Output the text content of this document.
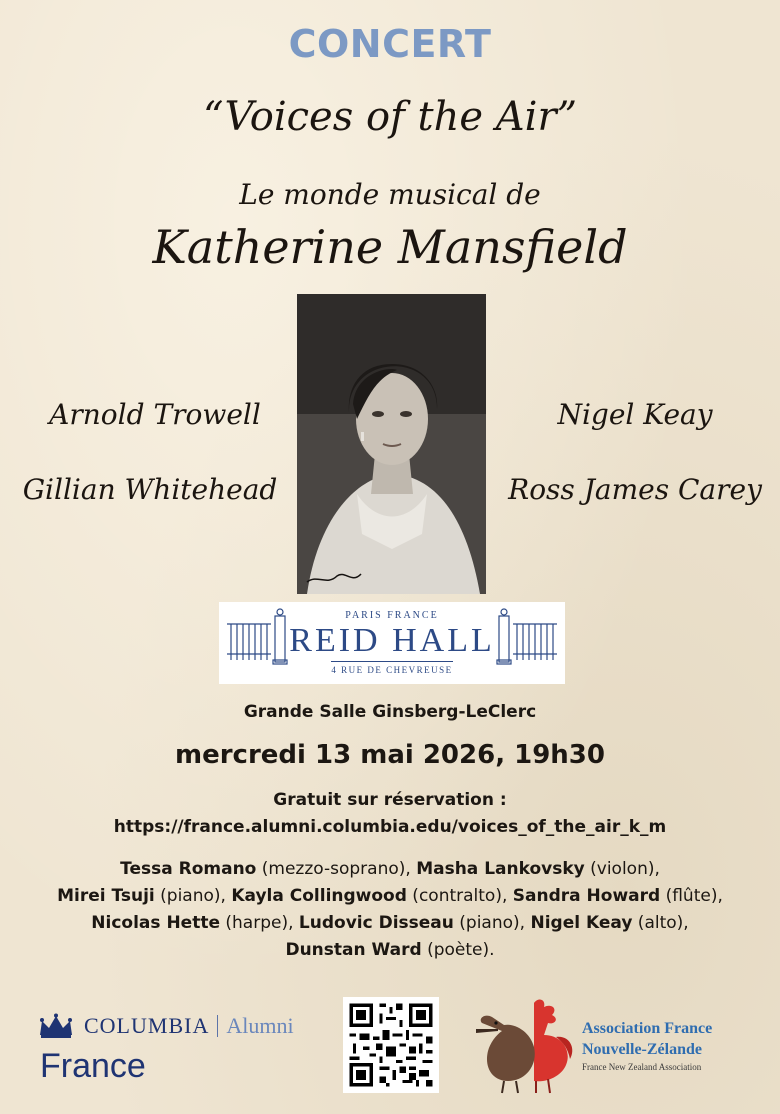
CONCERT
“Voices of the Air”
Le monde musical de
Katherine Mansfield
Arnold Trowell
Gillian Whitehead
Nigel Keay
Ross James Carey
PARIS FRANCE
REID HALL
4 RUE DE CHEVREUSE
Grande Salle Ginsberg-LeClerc
mercredi 13 mai 2026, 19h30
Gratuit sur réservation :
https://france.alumni.columbia.edu/voices_of_the_air_k_m
Tessa Romano (mezzo-soprano), Masha Lankovsky (violon),
Mirei Tsuji (piano), Kayla Collingwood (contralto), Sandra Howard (flûte),
Nicolas Hette (harpe), Ludovic Disseau (piano), Nigel Keay (alto),
Dunstan Ward (poète).
COLUMBIA Alumni
France
Association France
Nouvelle-Zélande
France New Zealand Association
